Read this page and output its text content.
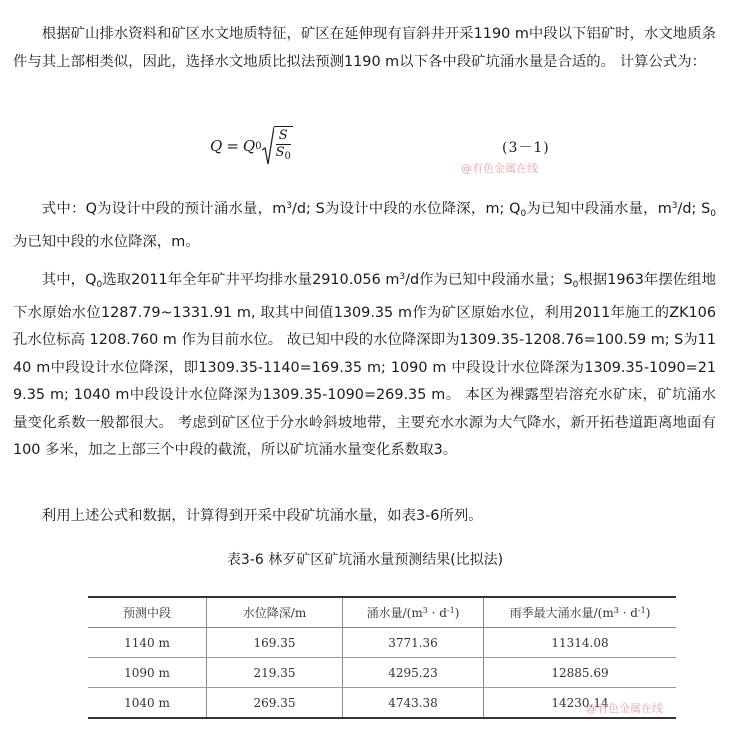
根据矿山排水资料和矿区水文地质特征，矿区在延伸现有盲斜井开采1190 m中段以下铝矿时，水文地质条件与其上部相类似，因此，选择水文地质比拟法预测1190 m以下各中段矿坑涌水量是合适的。 计算公式为：

Q = Q 0
S
$S_0$
(3－1)
@有色金属在线

式中：Q为设计中段的预计涌水量，$m^3/d$; S为设计中段的水位降深，m; $Q_0$为已知中段涌水量，$m^3/d$; $S_0$为已知中段的水位降深，m。

其中，$Q_0$选取2011年全年矿井平均排水量2910.056 $m^3/d$作为已知中段涌水量；$S_0$根据1963年摆佐组地下水原始水位1287.79~1331.91 m, 取其中间值1309.35 m作为矿区原始水位，利用2011年施工的ZK106孔水位标高 1208.760 m 作为目前水位。 故已知中段的水位降深即为1309.35-1208.76=100.59 m; S为1140 m中段设计水位降深，即1309.35-1140=169.35 m; 1090 m 中段设计水位降深为1309.35-1090=219.35 m; 1040 m中段设计水位降深为1309.35-1090=269.35 m。 本区为裸露型岩溶充水矿床，矿坑涌水量变化系数一般都很大。 考虑到矿区位于分水岭斜坡地带，主要充水水源为大气降水，新开拓巷道距离地面有100 多米，加之上部三个中段的截流，所以矿坑涌水量变化系数取3。

利用上述公式和数据，计算得到开采中段矿坑涌水量，如表3-6所列。

表3-6 林歹矿区矿坑涌水量预测结果(比拟法)
预测中段	水位降深/m	涌水量$/(m^3 \cdot d^{-1})$	雨季最大涌水量$/(m^3 \cdot d^{-1})$
1140 m	169.35	3771.36	11314.08
1090 m	219.35	4295.23	12885.69
1040 m	269.35	4743.38	14230.14
@有色金属在线
